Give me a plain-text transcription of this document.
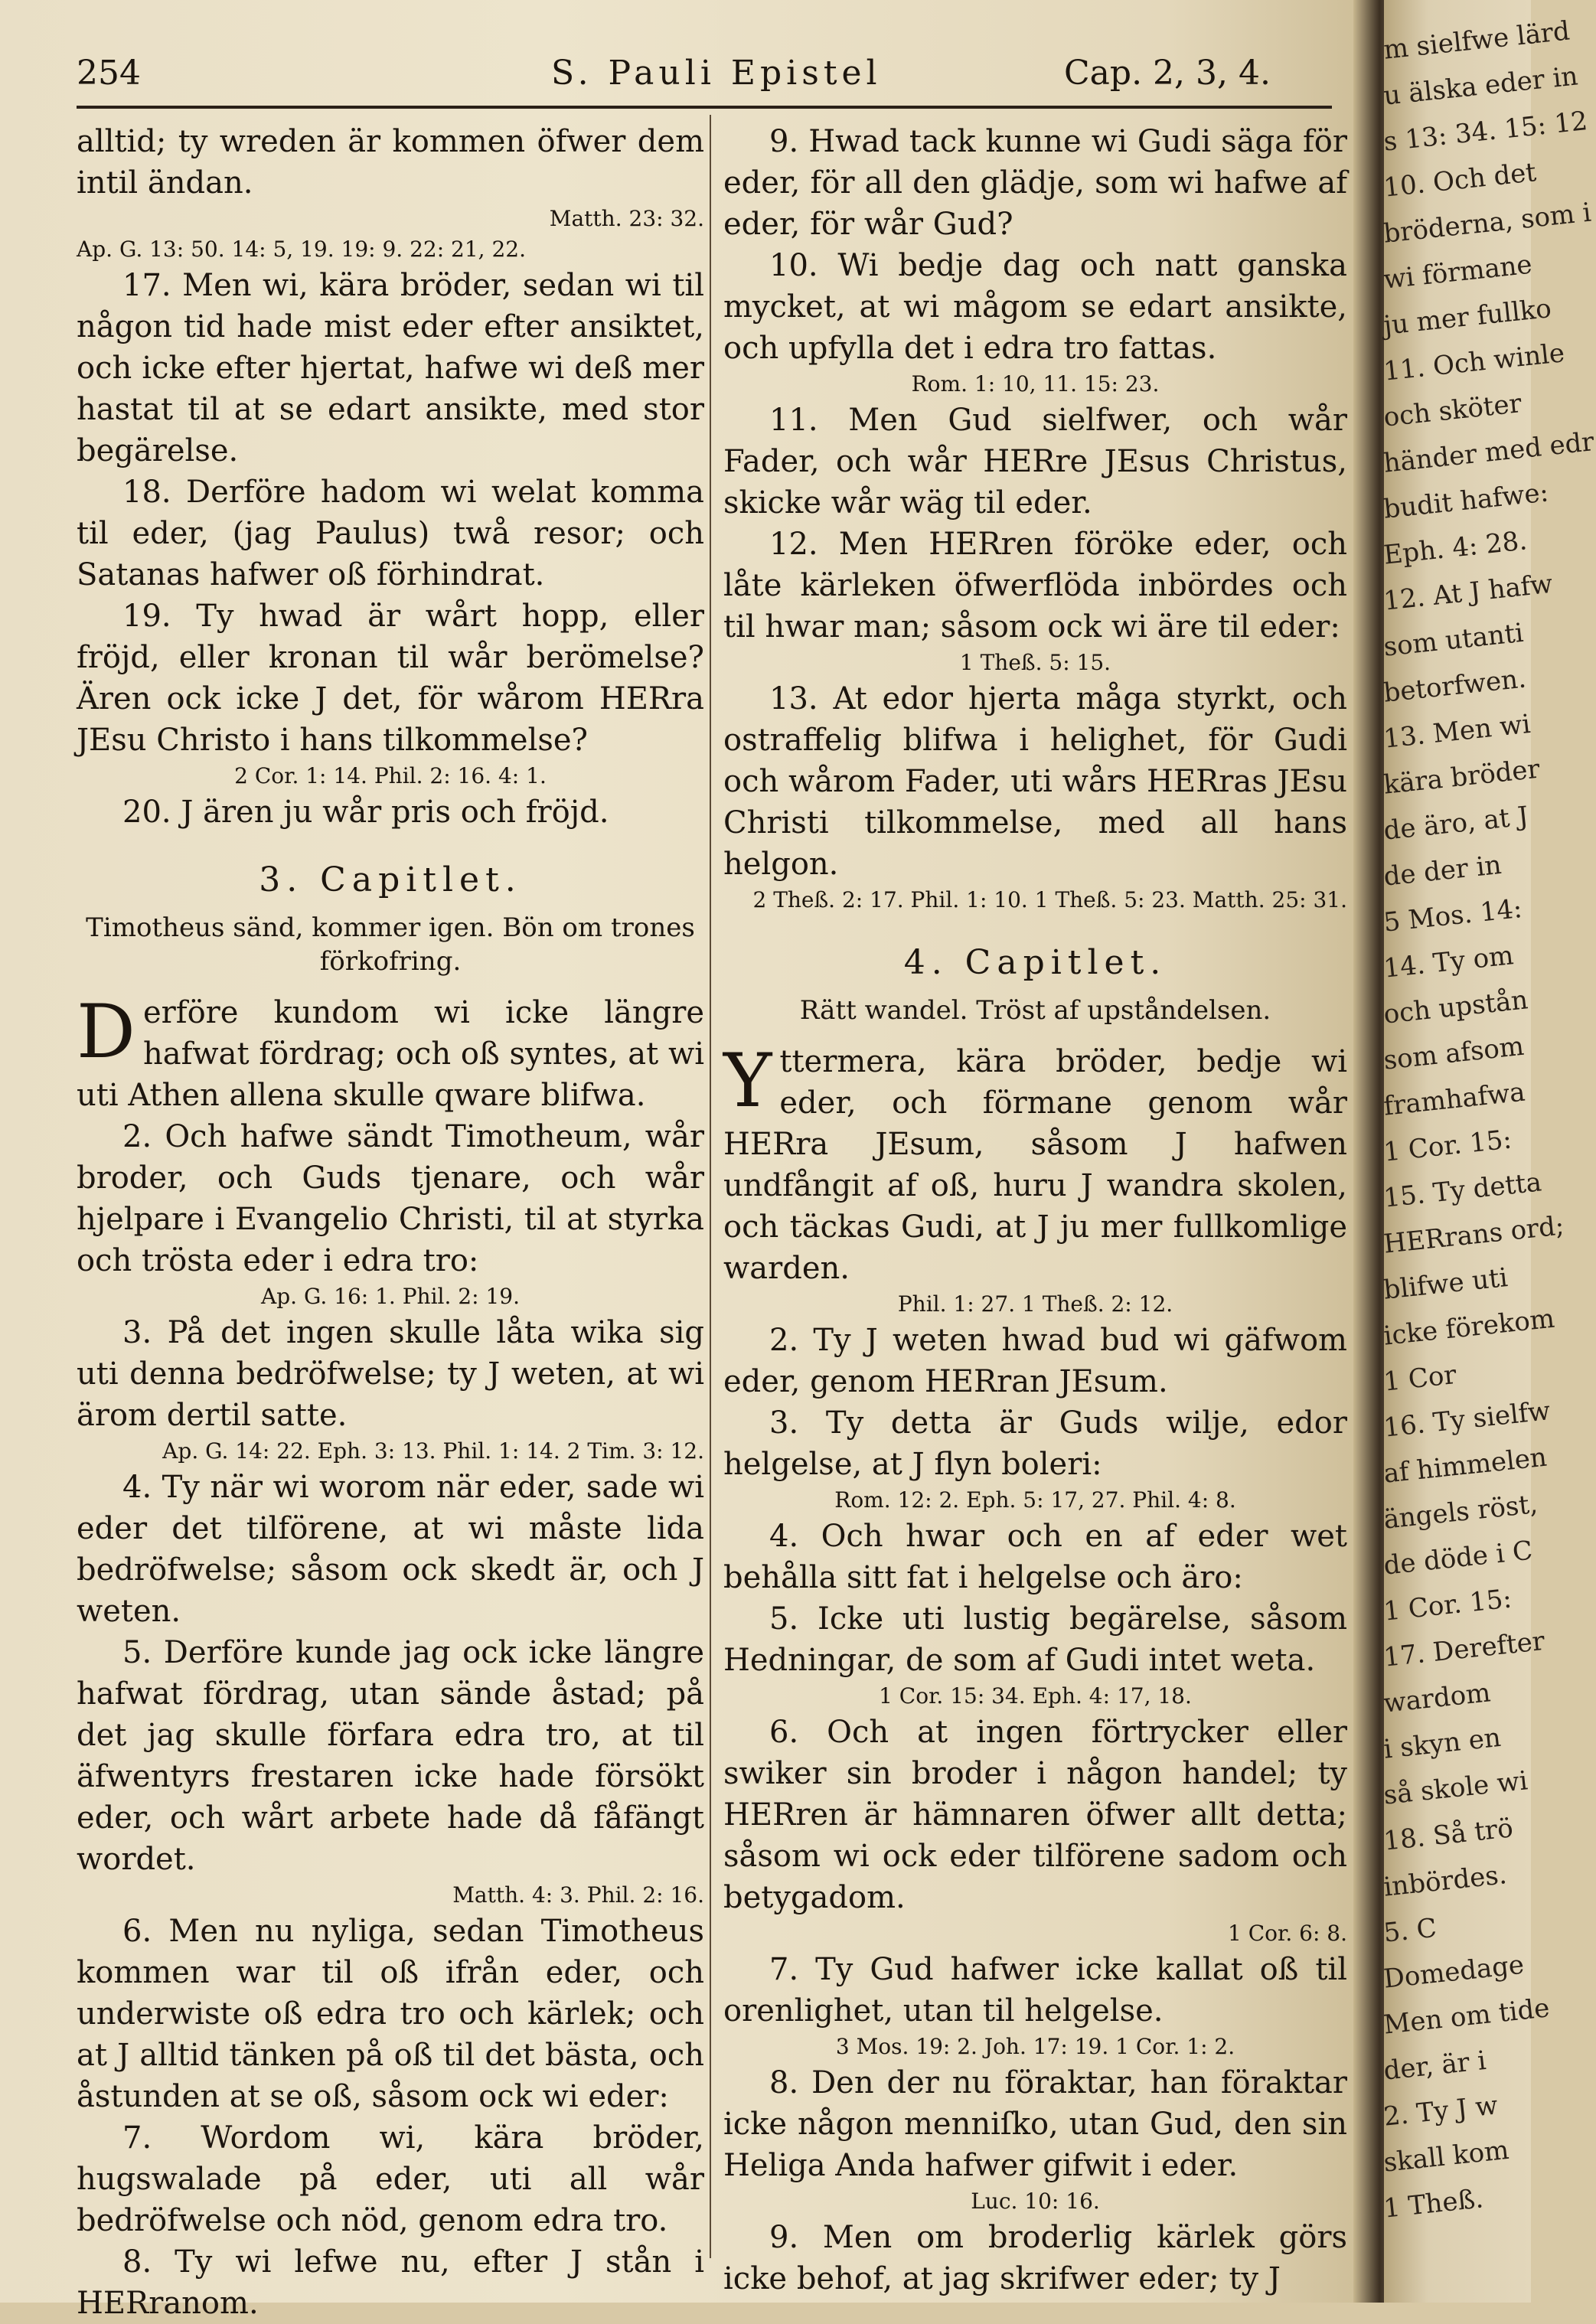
254	S. Pauli Epistel	Cap. 2, 3, 4.

alltid; ty wreden är kommen öfwer dem intil ändan.

Matth. 23: 32.

Ap. G. 13: 50. 14: 5, 19. 19: 9. 22: 21, 22.

17. Men wi, kära bröder, sedan wi til någon tid hade mist eder efter ansiktet, och icke efter hjertat, hafwe wi deß mer hastat til at se edart ansikte, med stor begärelse.

18. Derföre hadom wi welat komma til eder, (jag Paulus) twå resor; och Satanas hafwer oß förhindrat.

19. Ty hwad är wårt hopp, eller fröjd, eller kronan til wår berömelse? Ären ock icke J det, för wårom HERra JEsu Christo i hans tilkommelse?

2 Cor. 1: 14. Phil. 2: 16. 4: 1.

20. J ären ju wår pris och fröjd.

3. Capitlet.
Timotheus sänd, kommer igen. Bön om trones förkofring.

Derföre kundom wi icke längre hafwat fördrag; och oß syntes, at wi uti Athen allena skulle qware blifwa.

2. Och hafwe sändt Timotheum, wår broder, och Guds tjenare, och wår hjelpare i Evangelio Christi, til at styrka och trösta eder i edra tro:

Ap. G. 16: 1. Phil. 2: 19.

3. På det ingen skulle låta wika sig uti denna bedröfwelse; ty J weten, at wi ärom dertil satte.

Ap. G. 14: 22. Eph. 3: 13. Phil. 1: 14. 2 Tim. 3: 12.

4. Ty när wi worom när eder, sade wi eder det tilförene, at wi måste lida bedröfwelse; såsom ock skedt är, och J weten.

5. Derföre kunde jag ock icke längre hafwat fördrag, utan sände åstad; på det jag skulle förfara edra tro, at til äfwentyrs frestaren icke hade försökt eder, och wårt arbete hade då fåfängt wordet.

Matth. 4: 3. Phil. 2: 16.

6. Men nu nyliga, sedan Timotheus kommen war til oß ifrån eder, och underwiste oß edra tro och kärlek; och at J alltid tänken på oß til det bästa, och åstunden at se oß, såsom ock wi eder:

7. Wordom wi, kära bröder, hugswalade på eder, uti all wår bedröfwelse och nöd, genom edra tro.

8. Ty wi lefwe nu, efter J stån i HERranom.

9. Hwad tack kunne wi Gudi säga för eder, för all den glädje, som wi hafwe af eder, för wår Gud?

10. Wi bedje dag och natt ganska mycket, at wi mågom se edart ansikte, och upfylla det i edra tro fattas.

Rom. 1: 10, 11. 15: 23.

11. Men Gud sielfwer, och wår Fader, och wår HERre JEsus Christus, skicke wår wäg til eder.

12. Men HERren föröke eder, och låte kärleken öfwerflöda inbördes och til hwar man; såsom ock wi äre til eder:

1 Theß. 5: 15.

13. At edor hjerta måga styrkt, och ostraffelig blifwa i helighet, för Gudi och wårom Fader, uti wårs HERras JEsu Christi tilkommelse, med all hans helgon.

2 Theß. 2: 17. Phil. 1: 10. 1 Theß. 5: 23. Matth. 25: 31.

4. Capitlet.
Rätt wandel. Tröst af upståndelsen.

Yttermera, kära bröder, bedje wi eder, och förmane genom wår HERra JEsum, såsom J hafwen undfångit af oß, huru J wandra skolen, och täckas Gudi, at J ju mer fullkomlige warden.

Phil. 1: 27. 1 Theß. 2: 12.

2. Ty J weten hwad bud wi gäfwom eder, genom HERran JEsum.

3. Ty detta är Guds wilje, edor helgelse, at J flyn boleri:

Rom. 12: 2. Eph. 5: 17, 27. Phil. 4: 8.

4. Och hwar och en af eder wet behålla sitt fat i helgelse och äro:

5. Icke uti lustig begärelse, såsom Hedningar, de som af Gudi intet weta.

1 Cor. 15: 34. Eph. 4: 17, 18.

6. Och at ingen förtrycker eller swiker sin broder i någon handel; ty HERren är hämnaren öfwer allt detta; såsom wi ock eder tilförene sadom och betygadom.

1 Cor. 6: 8.

7. Ty Gud hafwer icke kallat oß til orenlighet, utan til helgelse.

3 Mos. 19: 2. Joh. 17: 19. 1 Cor. 1: 2.

8. Den der nu föraktar, han föraktar icke någon menniſko, utan Gud, den sin Heliga Anda hafwer gifwit i eder.

Luc. 10: 16.

9. Men om broderlig kärlek görs icke behof, at jag skrifwer eder; ty J

m sielfwe lärd
u älska eder in
s 13: 34. 15: 12
10. Och det
bröderna, som i
wi förmane
ju mer fullko
11. Och winle
och sköter
händer med edr
budit hafwe:
Eph. 4: 28.
12. At J hafw
som utanti
betorfwen.
13. Men wi
kära bröder
de äro, at J
de der in
5 Mos. 14:
14. Ty om
och upstån
som afsom
framhafwa
1 Cor. 15:
15. Ty detta
HERrans ord;
blifwe uti
icke förekom
1 Cor
16. Ty sielfw
af himmelen
ängels röst,
de döde i C
1 Cor. 15:
17. Derefter
wardom
i skyn en
så skole wi
18. Så trö
inbördes.
5. C
Domedage
Men om tide
der, är i
2. Ty J w
skall kom
1 Theß.
